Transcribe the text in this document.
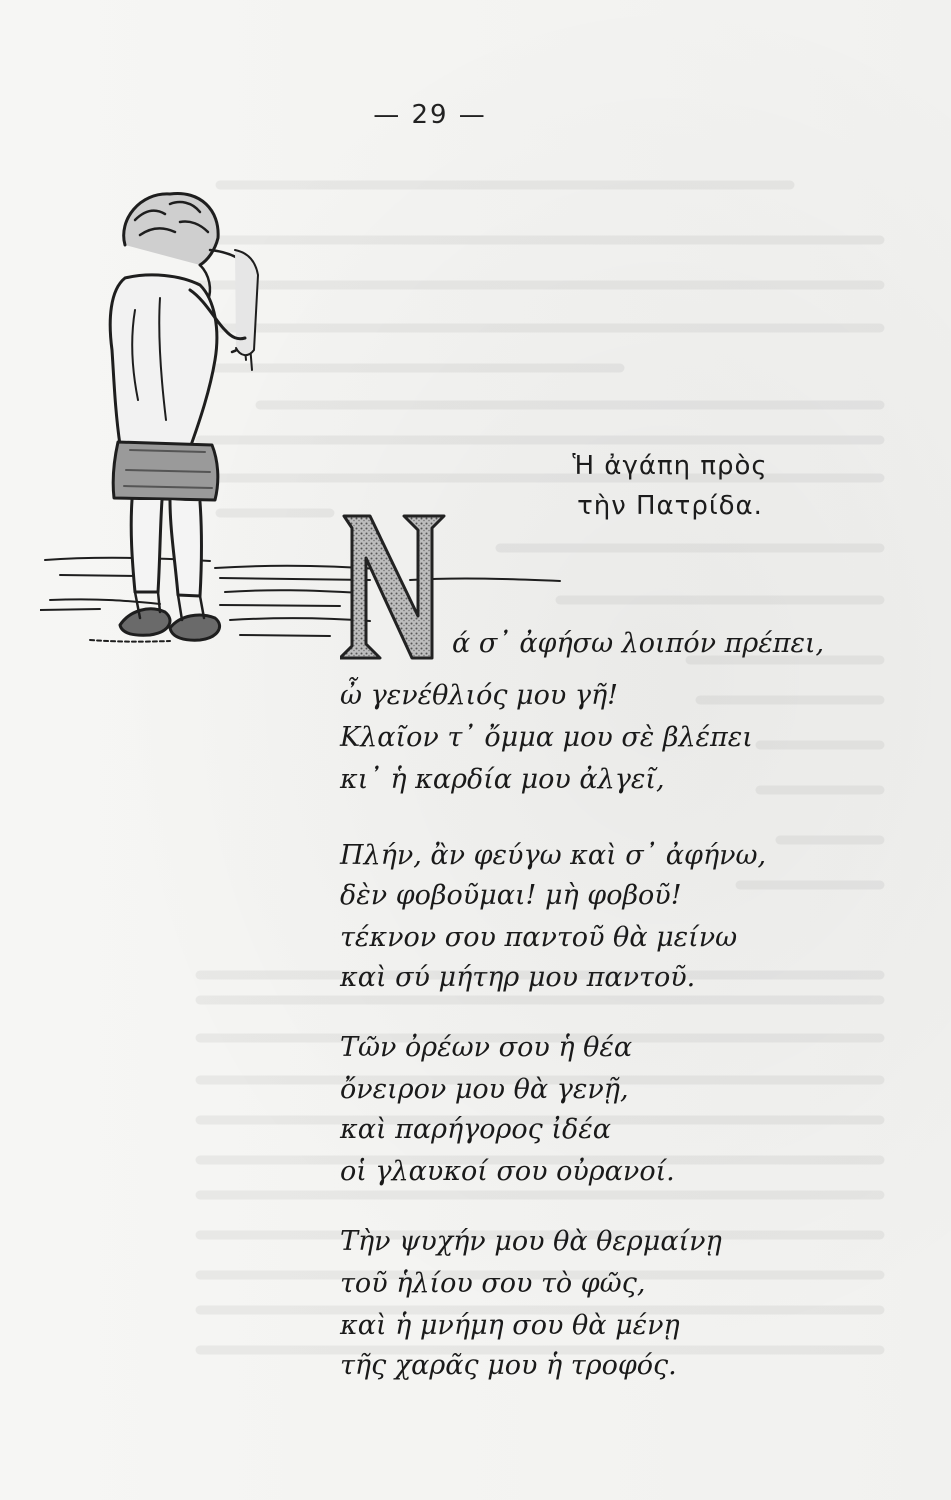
— 29 —
Ἡ ἀγάπη πρὸς
τὴν Πατρίδα.
ά σ᾿ ἀφήσω λοιπόν πρέπει,
ὦ γενέθλιός μου γῆ!
Κλαῖον τ᾿ ὄμμα μου σὲ βλέπει
κι᾿ ἡ καρδία μου ἀλγεῖ,
Πλήν, ἂν φεύγω καὶ σ᾿ ἀφήνω,
δὲν φοβοῦμαι! μὴ φοβοῦ!
τέκνον σου παντοῦ θὰ μείνω
καὶ σύ μήτηρ μου παντοῦ.
Τῶν ὀρέων σου ἡ θέα
ὄνειρον μου θὰ γενῇ,
καὶ παρήγορος ἰδέα
οἱ γλαυκοί σου οὐρανοί.
Τὴν ψυχήν μου θὰ θερμαίνῃ
τοῦ ἡλίου σου τὸ φῶς,
καὶ ἡ μνήμη σου θὰ μένῃ
τῆς χαρᾶς μου ἡ τροφός.
